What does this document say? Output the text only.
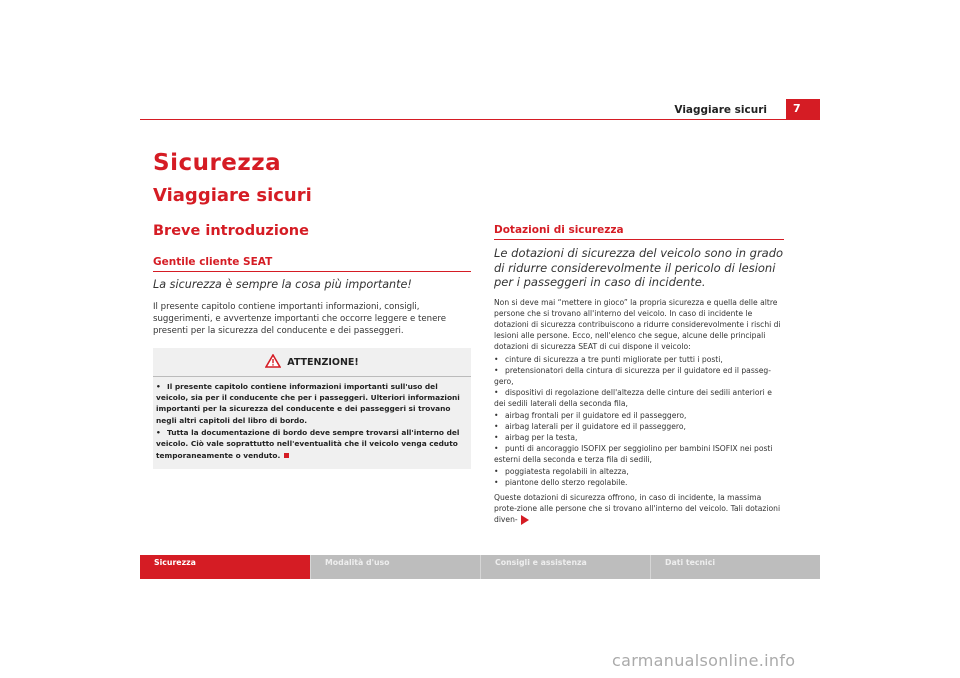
Viaggiare sicuri	7
Sicurezza
Viaggiare sicuri
Breve introduzione
Gentile cliente SEAT
La sicurezza è sempre la cosa più importante!
Il presente capitolo contiene importanti informazioni, consigli, suggerimenti, e avvertenze importanti che occorre leggere e tenere presenti per la sicurezza del conducente e dei passeggeri.
ATTENZIONE!
• Il presente capitolo contiene informazioni importanti sull'uso del veicolo, sia per il conducente che per i passeggeri. Ulteriori informazioni importanti per la sicurezza del conducente e dei passeggeri si trovano negli altri capitoli del libro di bordo.
• Tutta la documentazione di bordo deve sempre trovarsi all'interno del veicolo. Ciò vale soprattutto nell'eventualità che il veicolo venga ceduto temporaneamente o venduto.
Dotazioni di sicurezza
Le dotazioni di sicurezza del veicolo sono in grado di ridurre considerevolmente il pericolo di lesioni per i passeggeri in caso di incidente.
Non si deve mai “mettere in gioco” la propria sicurezza e quella delle altre persone che si trovano all'interno del veicolo. In caso di incidente le dotazioni di sicurezza contribuiscono a ridurre considerevolmente i rischi di lesioni alle persone. Ecco, nell'elenco che segue, alcune delle principali dotazioni di sicurezza SEAT di cui dispone il veicolo:
• cinture di sicurezza a tre punti migliorate per tutti i posti,
• pretensionatori della cintura di sicurezza per il guidatore ed il passeg-gero,
• dispositivi di regolazione dell'altezza delle cinture dei sedili anteriori e dei sedili laterali della seconda fila,
• airbag frontali per il guidatore ed il passeggero,
• airbag laterali per il guidatore ed il passeggero,
• airbag per la testa,
• punti di ancoraggio ISOFIX per seggiolino per bambini ISOFIX nei posti esterni della seconda e terza fila di sedili,
• poggiatesta regolabili in altezza,
• piantone dello sterzo regolabile.
Queste dotazioni di sicurezza offrono, in caso di incidente, la massima prote-zione alle persone che si trovano all'interno del veicolo. Tali dotazioni diven-
Sicurezza	Modalità d'uso	Consigli e assistenza	Dati tecnici
carmanualsonline.info
